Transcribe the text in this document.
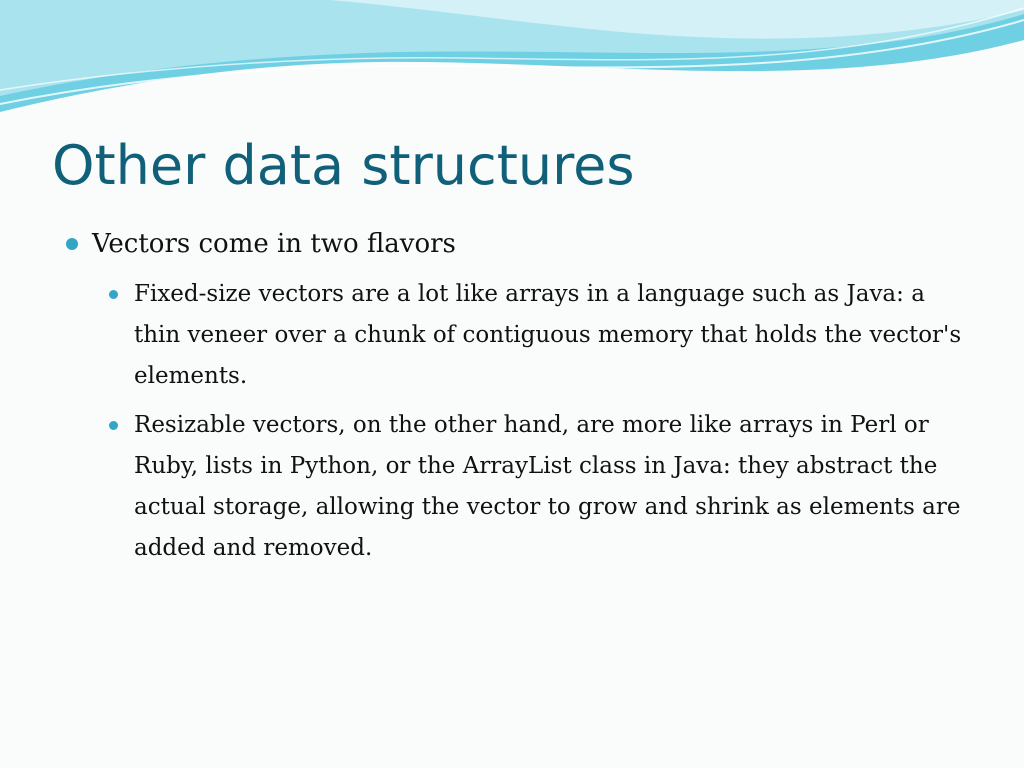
Other data structures
Vectors come in two flavors
Fixed-size vectors are a lot like arrays in a language such as Java: a thin veneer over a chunk of contiguous memory that holds the vector's elements.
Resizable vectors, on the other hand, are more like arrays in Perl or Ruby, lists in Python, or the ArrayList class in Java: they abstract the actual storage, allowing the vector to grow and shrink as elements are added and removed.
